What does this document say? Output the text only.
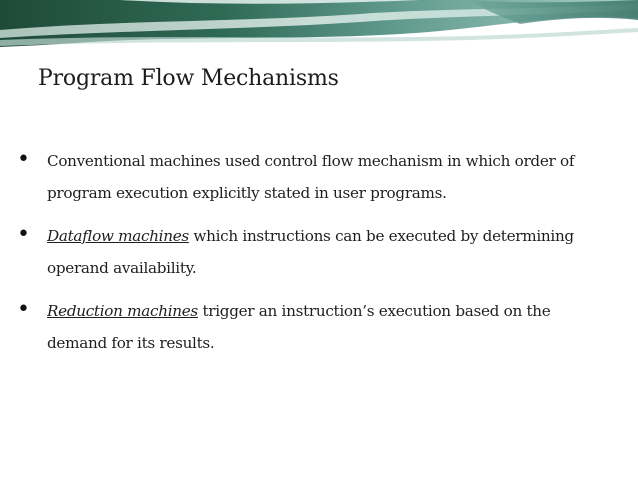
Program Flow Mechanisms
• Conventional machines used control flow mechanism in which order of
program execution explicitly stated in user programs.
• Dataflow machines which instructions can be executed by determining
operand availability.
• Reduction machines trigger an instruction’s execution based on the
demand for its results.
